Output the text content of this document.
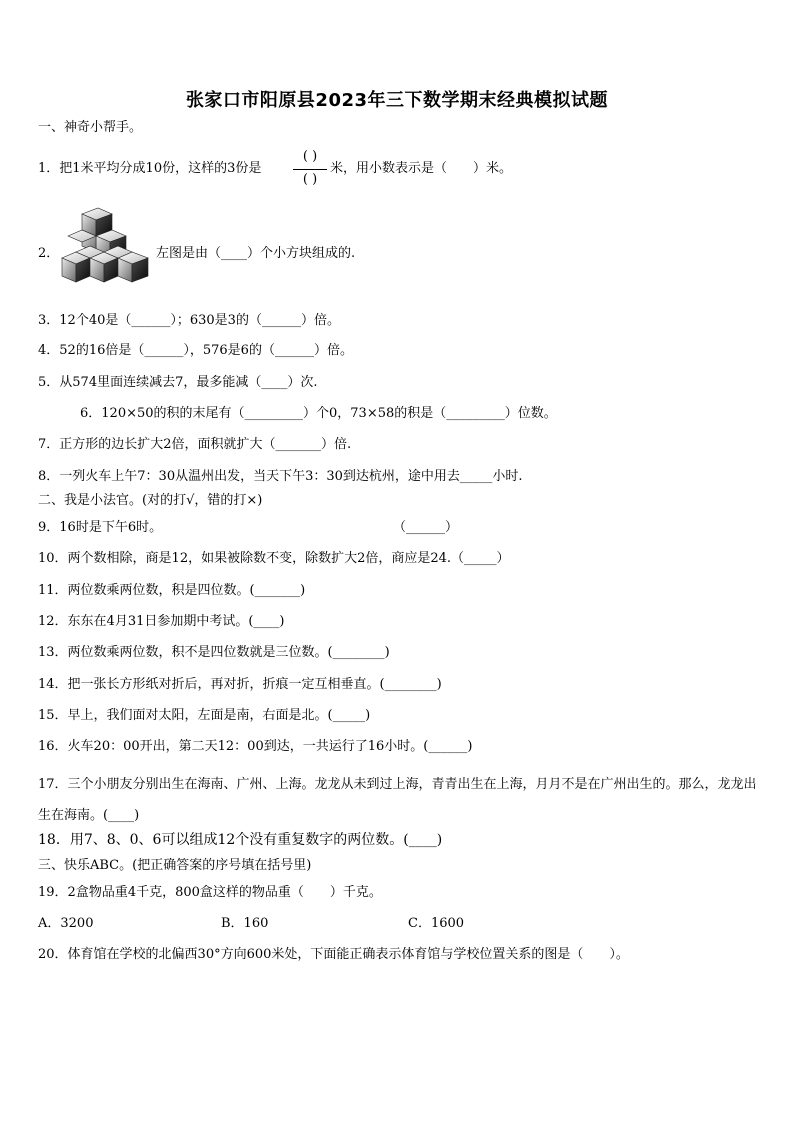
张家口市阳原县2023年三下数学期末经典模拟试题
一、神奇小帮手。
1．把1米平均分成10份，这样的3份是
( )
( )
米，用小数表示是（　　）米。
2．	左图是由（____）个小方块组成的.
3．12个40是（______）；630是3的（______）倍。
4．52的16倍是（______），576是6的（______）倍。
5．从574里面连续减去7，最多能减（____）次.
6．120×50的积的末尾有（_________）个0，73×58的积是（_________）位数。
7．正方形的边长扩大2倍，面积就扩大（_______）倍.
8．一列火车上午7：30从温州出发，当天下午3：30到达杭州，途中用去_____小时.
二、我是小法官。(对的打√，错的打×)
9．16时是下午6时。	（______）
10．两个数相除，商是12，如果被除数不变，除数扩大2倍，商应是24.（_____）
11．两位数乘两位数，积是四位数。(_______)
12．东东在4月31日参加期中考试。(____)
13．两位数乘两位数，积不是四位数就是三位数。(________)
14．把一张长方形纸对折后，再对折，折痕一定互相垂直。(________)
15．早上，我们面对太阳，左面是南，右面是北。(_____)
16．火车20：00开出，第二天12：00到达，一共运行了16小时。(______)
17．三个小朋友分别出生在海南、广州、上海。龙龙从未到过上海，青青出生在上海，月月不是在广州出生的。那么，龙龙出生在海南。(____)
18．用7、8、0、6可以组成12个没有重复数字的两位数。(____)
三、快乐ABC。(把正确答案的序号填在括号里)
19．2盒物品重4千克，800盒这样的物品重（　　）千克。
A．3200	B．160	C．1600
20．体育馆在学校的北偏西30°方向600米处，下面能正确表示体育馆与学校位置关系的图是（　　）。
